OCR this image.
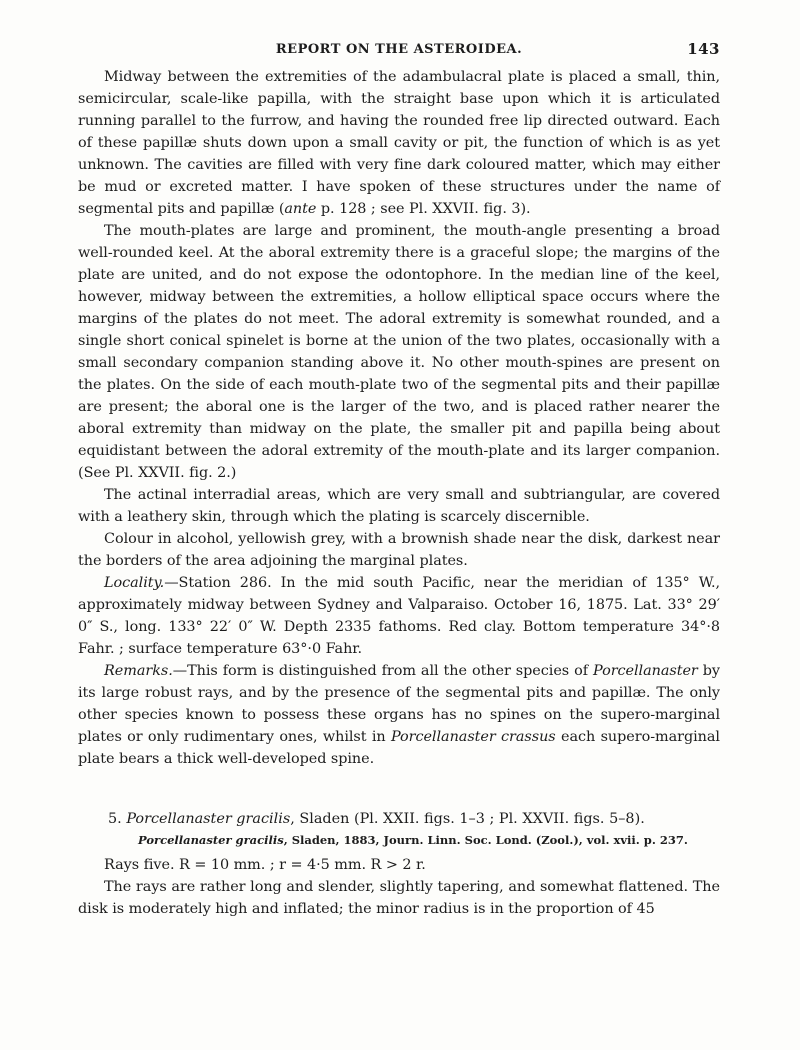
REPORT ON THE ASTEROIDEA.	143

Midway between the extremities of the adambulacral plate is placed a small, thin, semicircular, scale-like papilla, with the straight base upon which it is articulated running parallel to the furrow, and having the rounded free lip directed outward. Each of these papillæ shuts down upon a small cavity or pit, the function of which is as yet unknown. The cavities are filled with very fine dark coloured matter, which may either be mud or excreted matter. I have spoken of these structures under the name of segmental pits and papillæ (ante p. 128 ; see Pl. XXVII. fig. 3).

The mouth-plates are large and prominent, the mouth-angle presenting a broad well-rounded keel. At the aboral extremity there is a graceful slope; the margins of the plate are united, and do not expose the odontophore. In the median line of the keel, however, midway between the extremities, a hollow elliptical space occurs where the margins of the plates do not meet. The adoral extremity is somewhat rounded, and a single short conical spinelet is borne at the union of the two plates, occasionally with a small secondary companion standing above it. No other mouth-spines are present on the plates. On the side of each mouth-plate two of the segmental pits and their papillæ are present; the aboral one is the larger of the two, and is placed rather nearer the aboral extremity than midway on the plate, the smaller pit and papilla being about equidistant between the adoral extremity of the mouth-plate and its larger companion. (See Pl. XXVII. fig. 2.)

The actinal interradial areas, which are very small and subtriangular, are covered with a leathery skin, through which the plating is scarcely discernible.

Colour in alcohol, yellowish grey, with a brownish shade near the disk, darkest near the borders of the area adjoining the marginal plates.

Locality.—Station 286. In the mid south Pacific, near the meridian of 135° W., approximately midway between Sydney and Valparaiso. October 16, 1875. Lat. 33° 29′ 0″ S., long. 133° 22′ 0″ W. Depth 2335 fathoms. Red clay. Bottom temperature 34°·8 Fahr. ; surface temperature 63°·0 Fahr.

Remarks.—This form is distinguished from all the other species of Porcellanaster by its large robust rays, and by the presence of the segmental pits and papillæ. The only other species known to possess these organs has no spines on the supero-marginal plates or only rudimentary ones, whilst in Porcellanaster crassus each supero-marginal plate bears a thick well-developed spine.

5. Porcellanaster gracilis, Sladen (Pl. XXII. figs. 1–3 ; Pl. XXVII. figs. 5–8).
Porcellanaster gracilis, Sladen, 1883, Journ. Linn. Soc. Lond. (Zool.), vol. xvii. p. 237.

Rays five. R = 10 mm. ; r = 4·5 mm. R > 2 r.

The rays are rather long and slender, slightly tapering, and somewhat flattened. The disk is moderately high and inflated; the minor radius is in the proportion of 45
